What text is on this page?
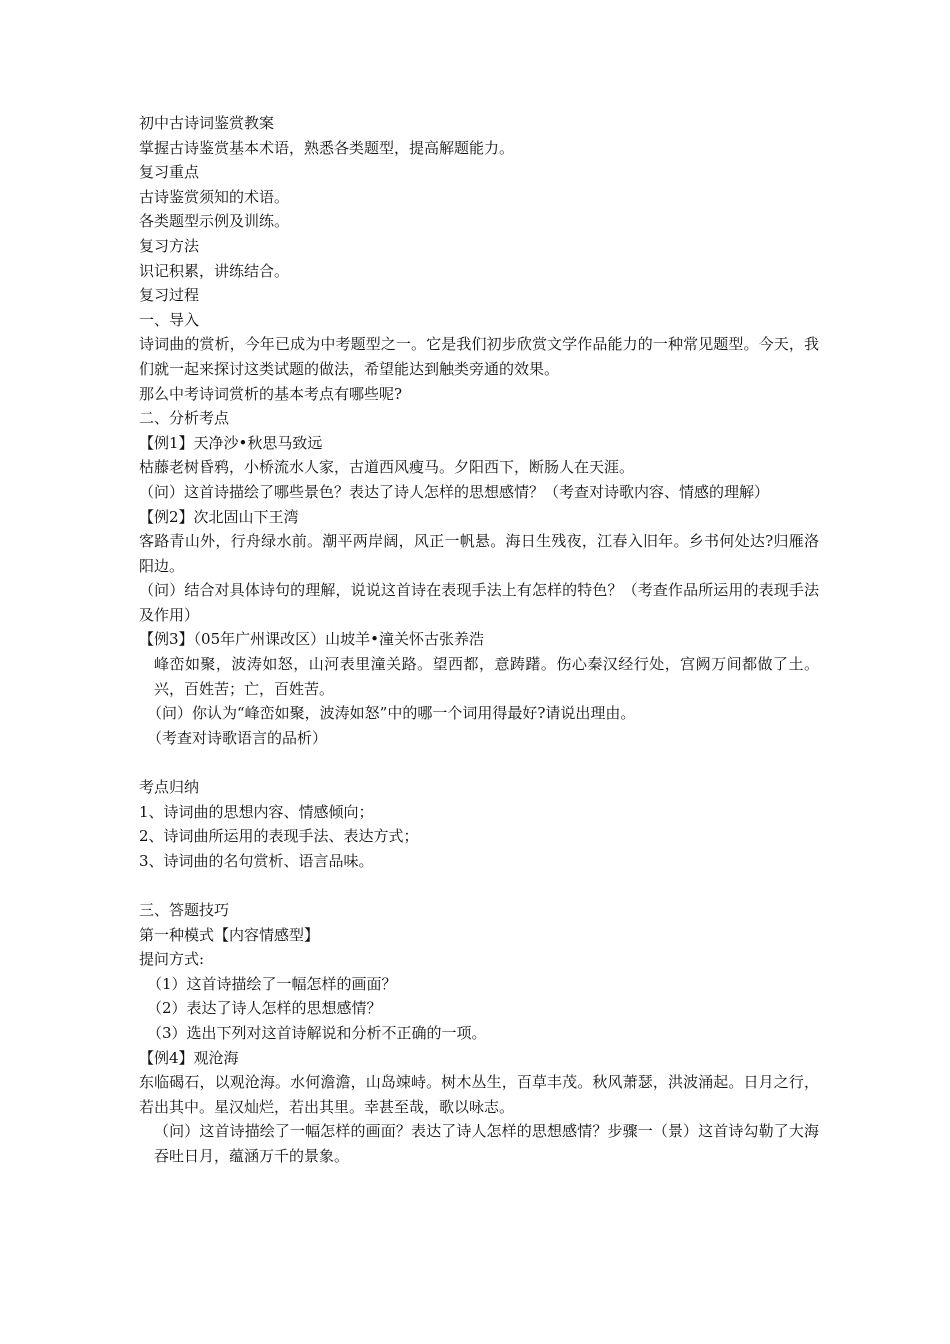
初中古诗词鉴赏教案
掌握古诗鉴赏基本术语，熟悉各类题型，提高解题能力。
复习重点
古诗鉴赏须知的术语。
各类题型示例及训练。
复习方法
识记积累，讲练结合。
复习过程
一、导入
诗词曲的赏析，今年已成为中考题型之一。它是我们初步欣赏文学作品能力的一种常见题型。今天，我们就一起来探讨这类试题的做法，希望能达到触类旁通的效果。
那么中考诗词赏析的基本考点有哪些呢?
二、分析考点
【例1】天净沙•秋思马致远
枯藤老树昏鸦，小桥流水人家，古道西风瘦马。夕阳西下，断肠人在天涯。
（问）这首诗描绘了哪些景色？表达了诗人怎样的思想感情？（考查对诗歌内容、情感的理解）
【例2】次北固山下王湾
客路青山外，行舟绿水前。潮平两岸阔，风正一帆悬。海日生残夜，江春入旧年。乡书何处达?归雁洛阳边。
（问）结合对具体诗句的理解，说说这首诗在表现手法上有怎样的特色？（考查作品所运用的表现手法及作用）
【例3】（05年广州课改区）山坡羊•潼关怀古张养浩
峰峦如聚，波涛如怒，山河表里潼关路。望西都，意踌躇。伤心秦汉经行处，宫阙万间都做了土。兴，百姓苦；亡，百姓苦。
（问）你认为“峰峦如聚，波涛如怒”中的哪一个词用得最好?请说出理由。
（考查对诗歌语言的品析）
考点归纳
1、诗词曲的思想内容、情感倾向；
2、诗词曲所运用的表现手法、表达方式；
3、诗词曲的名句赏析、语言品味。
三、答题技巧
第一种模式【内容情感型】
提问方式:
（1）这首诗描绘了一幅怎样的画面？
（2）表达了诗人怎样的思想感情？
（3）选出下列对这首诗解说和分析不正确的一项。
【例4】观沧海
东临碣石，以观沧海。水何澹澹，山岛竦峙。树木丛生，百草丰茂。秋风萧瑟，洪波涌起。日月之行，若出其中。星汉灿烂，若出其里。幸甚至哉，歌以咏志。
（问）这首诗描绘了一幅怎样的画面？表达了诗人怎样的思想感情？步骤一（景）这首诗勾勒了大海吞吐日月，蕴涵万千的景象。
